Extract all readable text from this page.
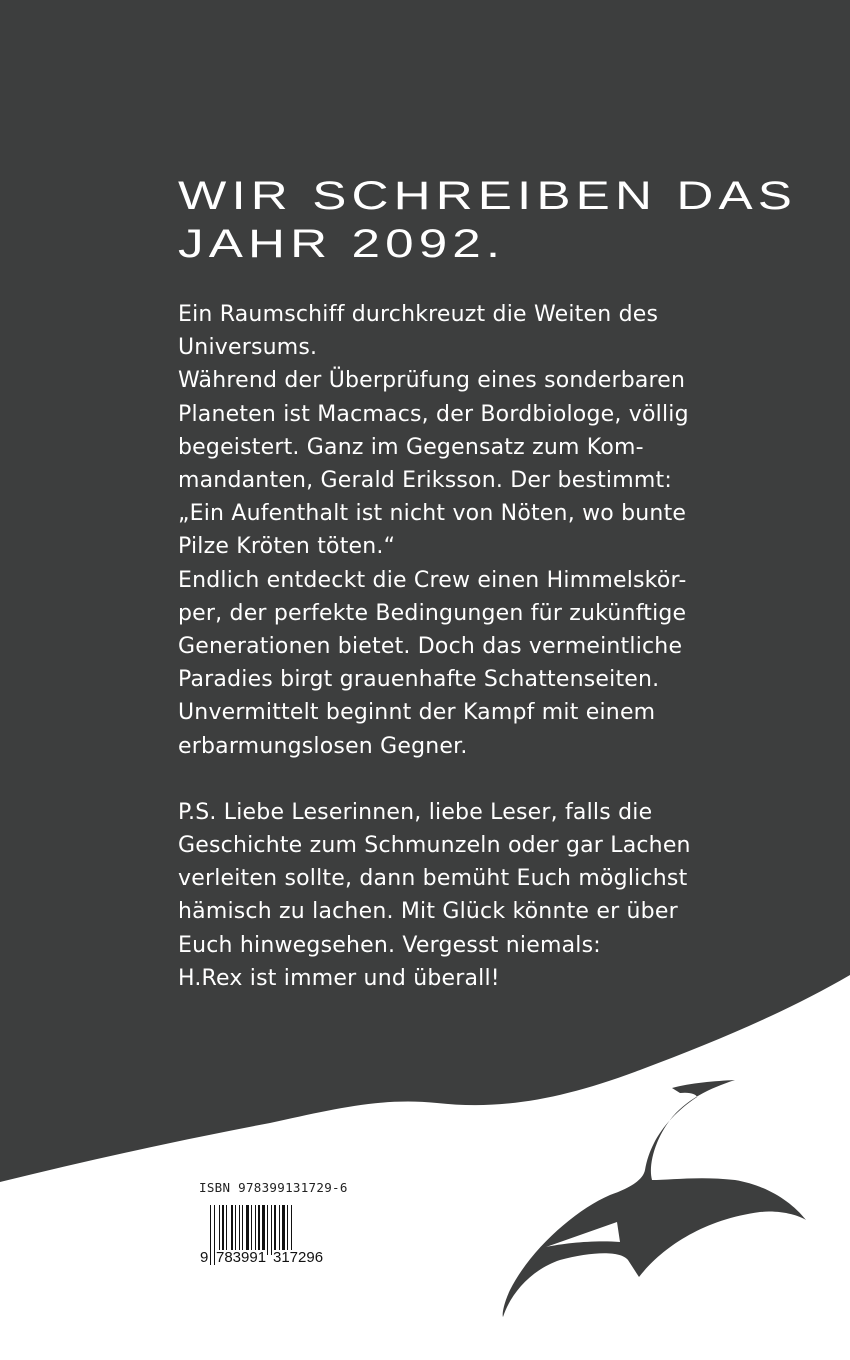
WIR SCHREIBEN DAS
JAHR 2092.

Ein Raumschiff durchkreuzt die Weiten des
Universums.
Während der Überprüfung eines sonderbaren
Planeten ist Macmacs, der Bordbiologe, völlig
begeistert. Ganz im Gegensatz zum Kom-
mandanten, Gerald Eriksson. Der bestimmt:
„Ein Aufenthalt ist nicht von Nöten, wo bunte
Pilze Kröten töten.“
Endlich entdeckt die Crew einen Himmelskör-
per, der perfekte Bedingungen für zukünftige
Generationen bietet. Doch das vermeintliche
Paradies birgt grauenhafte Schattenseiten.
Unvermittelt beginnt der Kampf mit einem
erbarmungslosen Gegner.

P.S. Liebe Leserinnen, liebe Leser, falls die
Geschichte zum Schmunzeln oder gar Lachen
verleiten sollte, dann bemüht Euch möglichst
hämisch zu lachen. Mit Glück könnte er über
Euch hinwegsehen. Vergesst niemals:
H.Rex ist immer und überall!

ISBN 978399131729-6
9 783991 317296
